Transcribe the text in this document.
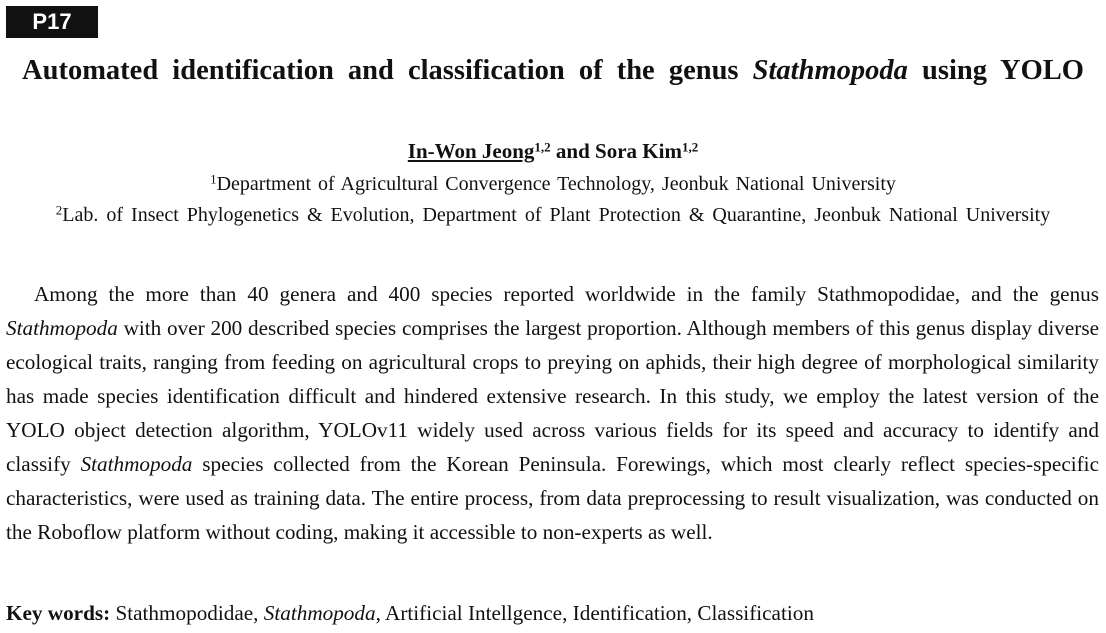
P17
Automated identification and classification of the genus Stathmopoda using YOLO
In-Won Jeong$^{1,2}$ and Sora Kim$^{1,2}$
$^1$Department of Agricultural Convergence Technology, Jeonbuk National University
$^2$Lab. of Insect Phylogenetics & Evolution, Department of Plant Protection & Quarantine, Jeonbuk National University

Among the more than 40 genera and 400 species reported worldwide in the family Stathmopodidae, and the genus Stathmopoda with over 200 described species comprises the largest proportion. Although members of this genus display diverse ecological traits, ranging from feeding on agricultural crops to preying on aphids, their high degree of morphological similarity has made species identification difficult and hindered extensive research. In this study, we employ the latest version of the YOLO object detection algorithm, YOLOv11 widely used across various fields for its speed and accuracy to identify and classify Stathmopoda species collected from the Korean Peninsula. Forewings, which most clearly reflect species-specific characteristics, were used as training data. The entire process, from data preprocessing to result visualization, was conducted on the Roboflow platform without coding, making it accessible to non-experts as well.

Key words: Stathmopodidae, Stathmopoda, Artificial Intellgence, Identification, Classification
